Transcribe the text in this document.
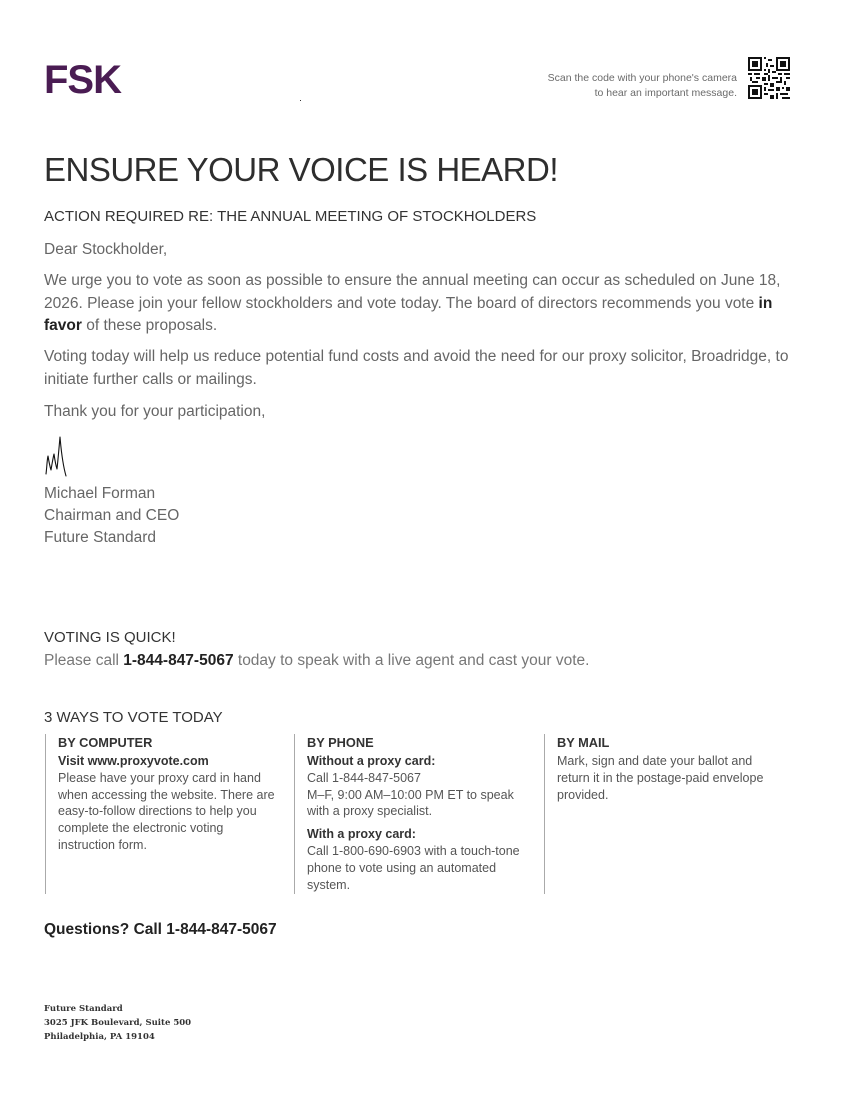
FSK	Scan the code with your phone's camera
to hear an important message.
ENSURE YOUR VOICE IS HEARD!
ACTION REQUIRED RE: THE ANNUAL MEETING OF STOCKHOLDERS
Dear Stockholder,
We urge you to vote as soon as possible to ensure the annual meeting can occur as scheduled on June 18, 2026. Please join your fellow stockholders and vote today. The board of directors recommends you vote in favor of these proposals.
Voting today will help us reduce potential fund costs and avoid the need for our proxy solicitor, Broadridge, to initiate further calls or mailings.
Thank you for your participation,
Michael Forman
Chairman and CEO
Future Standard
VOTING IS QUICK!
Please call 1-844-847-5067 today to speak with a live agent and cast your vote.
3 WAYS TO VOTE TODAY
BY COMPUTER
Visit www.proxyvote.com
Please have your proxy card in hand when accessing the website. There are easy-to-follow directions to help you complete the electronic voting instruction form.
BY PHONE
Without a proxy card:
Call 1-844-847-5067
M–F, 9:00 AM–10:00 PM ET to speak with a proxy specialist.
With a proxy card:
Call 1-800-690-6903 with a touch-tone phone to vote using an automated system.
BY MAIL
Mark, sign and date your ballot and return it in the postage-paid envelope provided.
Questions? Call 1-844-847-5067
Future Standard
3025 JFK Boulevard, Suite 500
Philadelphia, PA 19104
